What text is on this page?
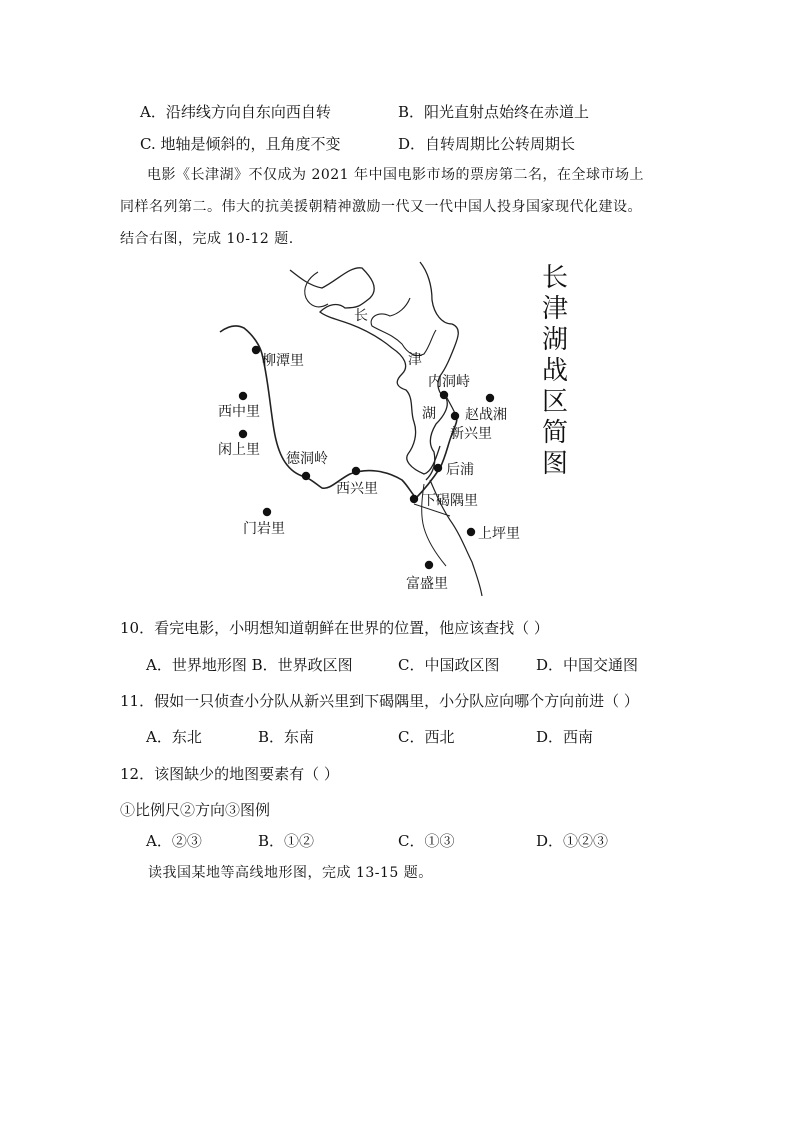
A．沿纬线方向自东向西自转	B．阳光直射点始终在赤道上
C. 地轴是倾斜的，且角度不变	D．自转周期比公转周期长
电影《长津湖》不仅成为 2021 年中国电影市场的票房第二名，在全球市场上
同样名列第二。伟大的抗美援朝精神激励一代又一代中国人投身国家现代化建设。
结合右图，完成 10-12 题.
长
津
湖
柳潭里
西中里
闲上里
德洞岭
西兴里
门岩里
内洞峙
赵战湘
新兴里
后浦
下碣隅里
上坪里
富盛里
长
津
湖
战
区
简
图
10．看完电影，小明想知道朝鲜在世界的位置，他应该查找（ ）
A．世界地形图 B．世界政区图	C．中国政区图 D．中国交通图
11．假如一只侦查小分队从新兴里到下碣隅里，小分队应向哪个方向前进（ ）
A．东北	B．东南	C．西北	D．西南
12．该图缺少的地图要素有（ ）
①比例尺②方向③图例
A．②③	B．①②	C．①③	D．①②③
读我国某地等高线地形图，完成 13-15 题。
